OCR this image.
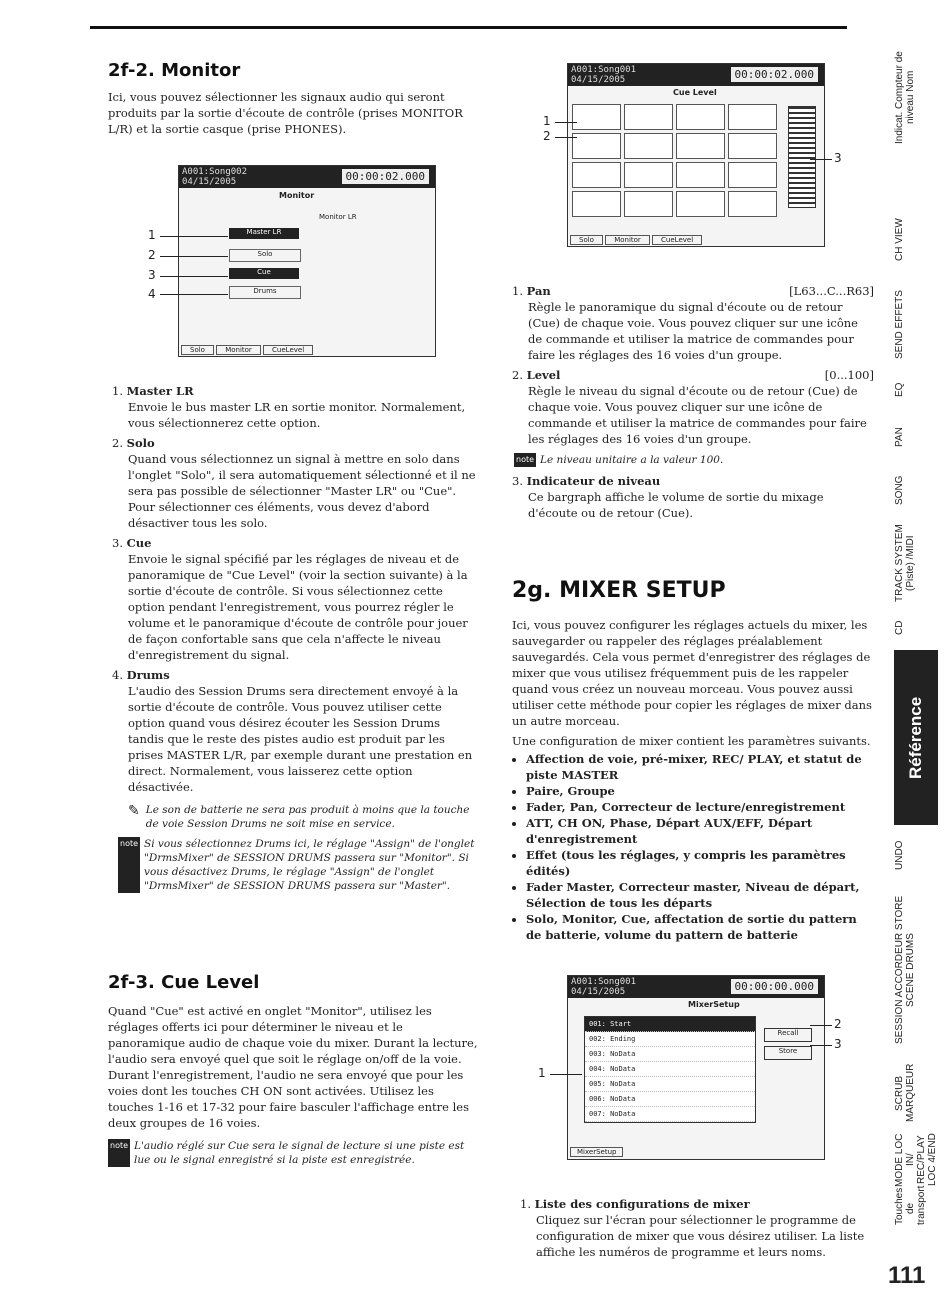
2f-2. Monitor

Ici, vous pouvez sélectionner les signaux audio qui seront produits par la sortie d'écoute de contrôle (prises MONITOR L/R) et la sortie casque (prise PHONES).

A001:Song002
04/15/2005	00:00:02.000
Monitor
Monitor LR
Master LR
Solo
Cue
Drums
Solo	Monitor	CueLevel
1
2
3
4

1. Master LR

Envoie le bus master LR en sortie monitor. Normalement, vous sélectionnerez cette option.

2. Solo

Quand vous sélectionnez un signal à mettre en solo dans l'onglet "Solo", il sera automatiquement sélectionné et il ne sera pas possible de sélectionner "Master LR" ou "Cue". Pour sélectionner ces éléments, vous devez d'abord désactiver tous les solo.

3. Cue

Envoie le signal spécifié par les réglages de niveau et de panoramique de "Cue Level" (voir la section suivante) à la sortie d'écoute de contrôle. Si vous sélectionnez cette option pendant l'enregistrement, vous pourrez régler le volume et le panoramique d'écoute de contrôle pour jouer de façon confortable sans que cela n'affecte le niveau d'enregistrement du signal.

4. Drums

L'audio des Session Drums sera directement envoyé à la sortie d'écoute de contrôle. Vous pouvez utiliser cette option quand vous désirez écouter les Session Drums tandis que le reste des pistes audio est produit par les prises MASTER L/R, par exemple durant une prestation en direct. Normalement, vous laisserez cette option désactivée.

✎ Le son de batterie ne sera pas produit à moins que la touche de voie Session Drums ne soit mise en service.
note Si vous sélectionnez Drums ici, le réglage "Assign" de l'onglet "DrmsMixer" de SESSION DRUMS passera sur "Monitor". Si vous désactivez Drums, le réglage "Assign" de l'onglet "DrmsMixer" de SESSION DRUMS passera sur "Master".
2f-3. Cue Level

Quand "Cue" est activé en onglet "Monitor", utilisez les réglages offerts ici pour déterminer le niveau et le panoramique audio de chaque voie du mixer. Durant la lecture, l'audio sera envoyé quel que soit le réglage on/off de la voie. Durant l'enregistrement, l'audio ne sera envoyé que pour les voies dont les touches CH ON sont activées. Utilisez les touches 1-16 et 17-32 pour faire basculer l'affichage entre les deux groupes de 16 voies.

note L'audio réglé sur Cue sera le signal de lecture si une piste est lue ou le signal enregistré si la piste est enregistrée.
A001:Song001
04/15/2005	00:00:02.000
Cue Level
Solo	Monitor	CueLevel
1
2
3

1. Pan	[L63...C...R63]

Règle le panoramique du signal d'écoute ou de retour (Cue) de chaque voie. Vous pouvez cliquer sur une icône de commande et utiliser la matrice de commandes pour faire les réglages des 16 voies d'un groupe.

2. Level	[0...100]

Règle le niveau du signal d'écoute ou de retour (Cue) de chaque voie. Vous pouvez cliquer sur une icône de commande et utiliser la matrice de commandes pour faire les réglages des 16 voies d'un groupe.

note Le niveau unitaire a la valeur 100.

3. Indicateur de niveau

Ce bargraph affiche le volume de sortie du mixage d'écoute ou de retour (Cue).

2g. MIXER SETUP

Ici, vous pouvez configurer les réglages actuels du mixer, les sauvegarder ou rappeler des réglages préalablement sauvegardés. Cela vous permet d'enregistrer des réglages de mixer que vous utilisez fréquemment puis de les rappeler quand vous créez un nouveau morceau. Vous pouvez aussi utiliser cette méthode pour copier les réglages de mixer dans un autre morceau.

Une configuration de mixer contient les paramètres suivants.

• Affection de voie, pré-mixer, REC/ PLAY, et statut de piste MASTER
• Paire, Groupe
• Fader, Pan, Correcteur de lecture/enregistrement
• ATT, CH ON, Phase, Départ AUX/EFF, Départ d'enregistrement
• Effet (tous les réglages, y compris les paramètres édités)
• Fader Master, Correcteur master, Niveau de départ, Sélection de tous les départs
• Solo, Monitor, Cue, affectation de sortie du pattern de batterie, volume du pattern de batterie
A001:Song001
04/15/2005	00:00:00.000
MixerSetup
001: Start
002: Ending
003: NoData
004: NoData
005: NoData
006: NoData
007: NoData
Recall
Store
MixerSetup
1
2
3

1. Liste des configurations de mixer

Cliquez sur l'écran pour sélectionner le programme de configuration de mixer que vous désirez utiliser. La liste affiche les numéros de programme et leurs noms.

Indicat. Compteur de niveau Nom
CH VIEW
SEND EFFETS
EQ
PAN
SONG
TRACK SYSTEM (Piste) /MIDI
CD
Référence
UNDO
SESSION ACCORDEUR STORE SCENE DRUMS
SCRUB MARQUEUR
MODE LOC IN/ REC/PLAY LOC 4/END
Touches de transport
111
